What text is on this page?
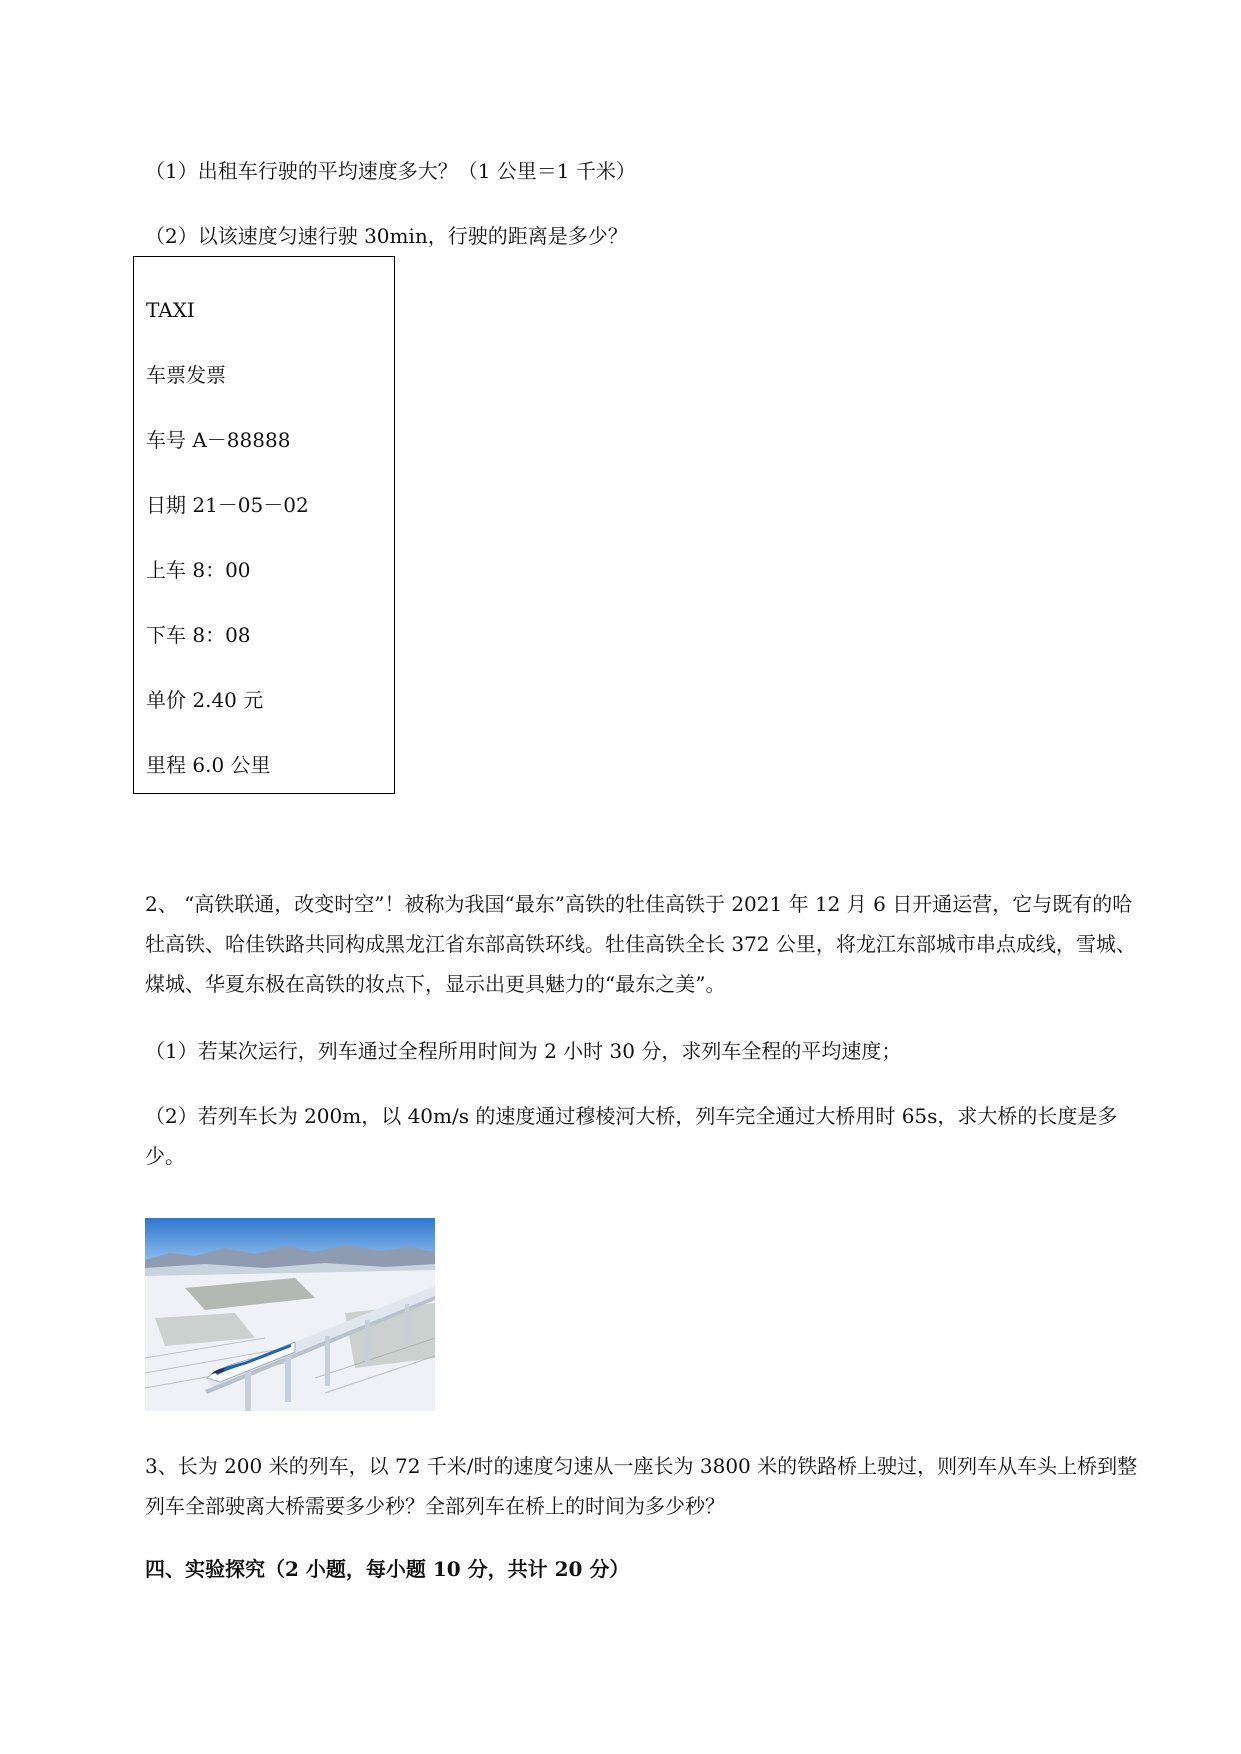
（1）出租车行驶的平均速度多大？（1 公里＝1 千米）
（2）以该速度匀速行驶 30min，行驶的距离是多少？
TAXI
车票发票
车号 A－88888
日期 21－05－02
上车 8：00
下车 8：08
单价 2.40 元
里程 6.0 公里
2、 “高铁联通，改变时空”！被称为我国“最东”高铁的牡佳高铁于 2021 年 12 月 6 日开通运营，它与既有的哈牡高铁、哈佳铁路共同构成黑龙江省东部高铁环线。牡佳高铁全长 372 公里，将龙江东部城市串点成线，雪城、煤城、华夏东极在高铁的妆点下，显示出更具魅力的“最东之美”。
（1）若某次运行，列车通过全程所用时间为 2 小时 30 分，求列车全程的平均速度；
（2）若列车长为 200m，以 40m/s 的速度通过穆棱河大桥，列车完全通过大桥用时 65s，求大桥的长度是多少。
3、长为 200 米的列车，以 72 千米/时的速度匀速从一座长为 3800 米的铁路桥上驶过，则列车从车头上桥到整列车全部驶离大桥需要多少秒？全部列车在桥上的时间为多少秒？
四、实验探究（2 小题，每小题 10 分，共计 20 分）
